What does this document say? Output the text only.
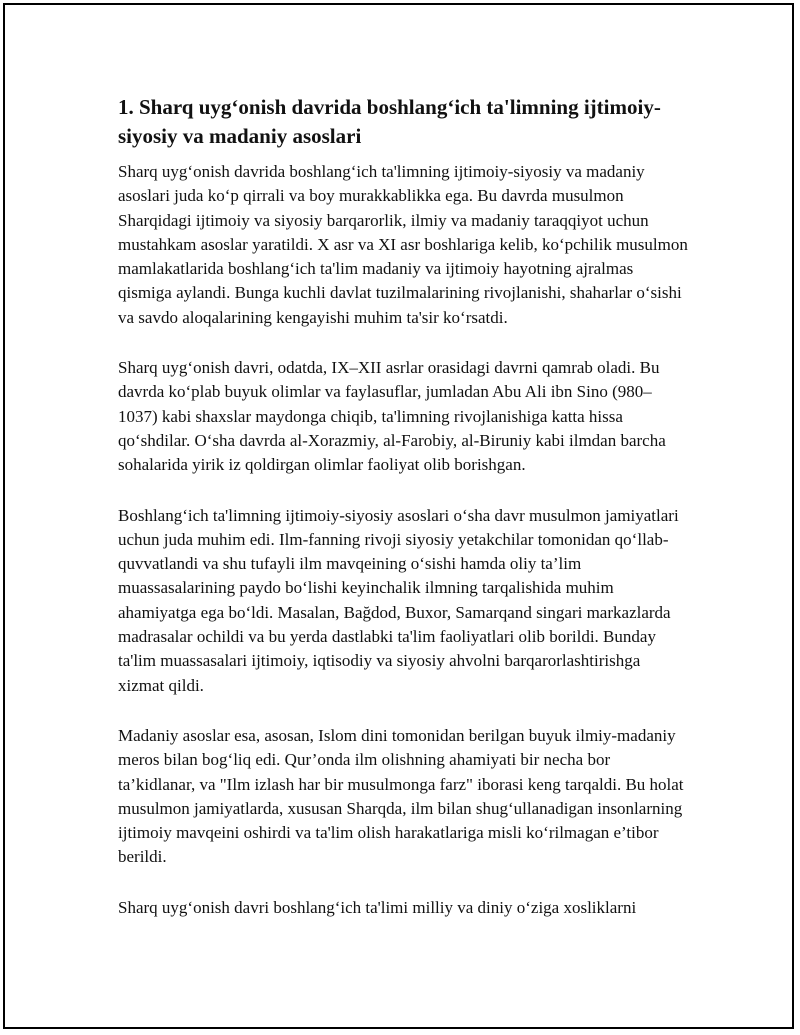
1. Sharq uyg‘onish davrida boshlang‘ich ta'limning ijtimoiy-siyosiy va madaniy asoslari

Sharq uyg‘onish davrida boshlang‘ich ta'limning ijtimoiy-siyosiy va madaniy asoslari juda ko‘p qirrali va boy murakkablikka ega. Bu davrda musulmon Sharqidagi ijtimoiy va siyosiy barqarorlik, ilmiy va madaniy taraqqiyot uchun mustahkam asoslar yaratildi. X asr va XI asr boshlariga kelib, ko‘pchilik musulmon mamlakatlarida boshlang‘ich ta'lim madaniy va ijtimoiy hayotning ajralmas qismiga aylandi. Bunga kuchli davlat tuzilmalarining rivojlanishi, shaharlar o‘sishi va savdo aloqalarining kengayishi muhim ta'sir ko‘rsatdi.

Sharq uyg‘onish davri, odatda, IX–XII asrlar orasidagi davrni qamrab oladi. Bu davrda ko‘plab buyuk olimlar va faylasuflar, jumladan Abu Ali ibn Sino (980–1037) kabi shaxslar maydonga chiqib, ta'limning rivojlanishiga katta hissa qo‘shdilar. O‘sha davrda al-Xorazmiy, al-Farobiy, al-Biruniy kabi ilmdan barcha sohalarida yirik iz qoldirgan olimlar faoliyat olib borishgan.

Boshlang‘ich ta'limning ijtimoiy-siyosiy asoslari o‘sha davr musulmon jamiyatlari uchun juda muhim edi. Ilm-fanning rivoji siyosiy yetakchilar tomonidan qo‘llab-quvvatlandi va shu tufayli ilm mavqeining o‘sishi hamda oliy ta’lim muassasalarining paydo bo‘lishi keyinchalik ilmning tarqalishida muhim ahamiyatga ega bo‘ldi. Masalan, Bağdod, Buxor, Samarqand singari markazlarda madrasalar ochildi va bu yerda dastlabki ta'lim faoliyatlari olib borildi. Bunday ta'lim muassasalari ijtimoiy, iqtisodiy va siyosiy ahvolni barqarorlashtirishga xizmat qildi.

Madaniy asoslar esa, asosan, Islom dini tomonidan berilgan buyuk ilmiy-madaniy meros bilan bog‘liq edi. Qur’onda ilm olishning ahamiyati bir necha bor ta’kidlanar, va "Ilm izlash har bir musulmonga farz" iborasi keng tarqaldi. Bu holat musulmon jamiyatlarda, xususan Sharqda, ilm bilan shug‘ullanadigan insonlarning ijtimoiy mavqeini oshirdi va ta'lim olish harakatlariga misli ko‘rilmagan e’tibor berildi.

Sharq uyg‘onish davri boshlang‘ich ta'limi milliy va diniy o‘ziga xosliklarni
